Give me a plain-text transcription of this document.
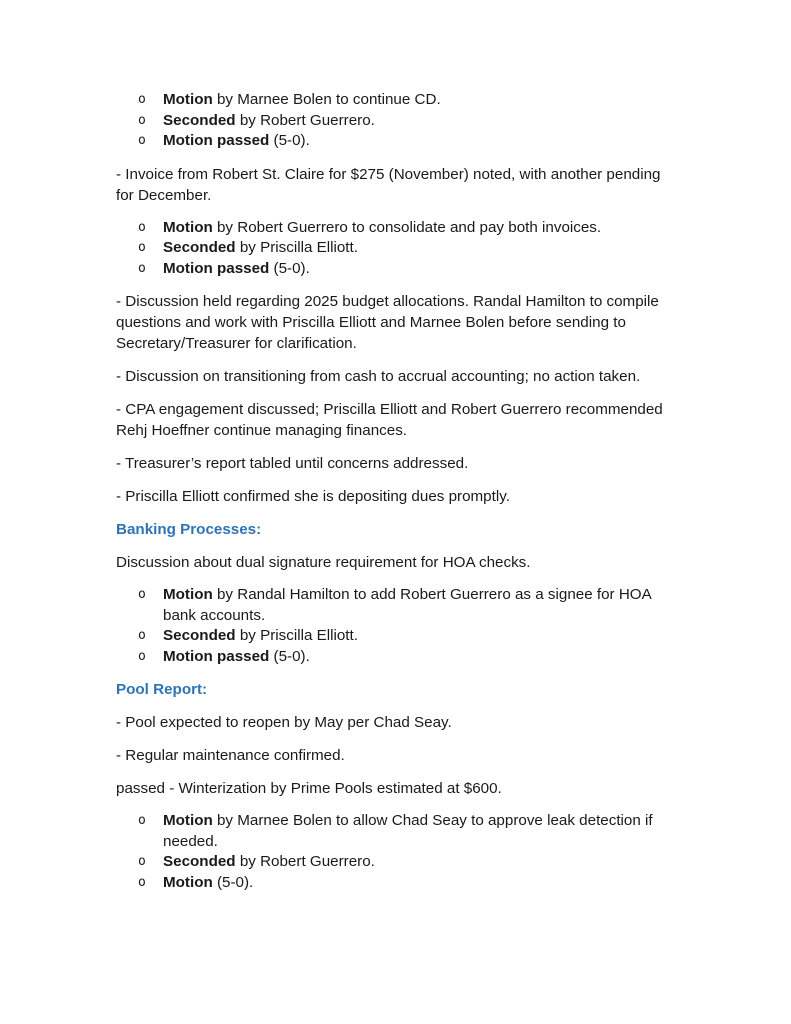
o Motion by Marnee Bolen to continue CD.
o Seconded by Robert Guerrero.
o Motion passed (5-0).

- Invoice from Robert St. Claire for $275 (November) noted, with another pending for December.

o Motion by Robert Guerrero to consolidate and pay both invoices.
o Seconded by Priscilla Elliott.
o Motion passed (5-0).

- Discussion held regarding 2025 budget allocations. Randal Hamilton to compile questions and work with Priscilla Elliott and Marnee Bolen before sending to Secretary/Treasurer for clarification.

- Discussion on transitioning from cash to accrual accounting; no action taken.

- CPA engagement discussed; Priscilla Elliott and Robert Guerrero recommended Rehj Hoeffner continue managing finances.

- Treasurer’s report tabled until concerns addressed.

- Priscilla Elliott confirmed she is depositing dues promptly.

Banking Processes:

Discussion about dual signature requirement for HOA checks.

o Motion by Randal Hamilton to add Robert Guerrero as a signee for HOA bank accounts.
o Seconded by Priscilla Elliott.
o Motion passed (5-0).
Pool Report:

- Pool expected to reopen by May per Chad Seay.

- Regular maintenance confirmed.

passed - Winterization by Prime Pools estimated at $600.

o Motion by Marnee Bolen to allow Chad Seay to approve leak detection if needed.
o Seconded by Robert Guerrero.
o Motion (5-0).
